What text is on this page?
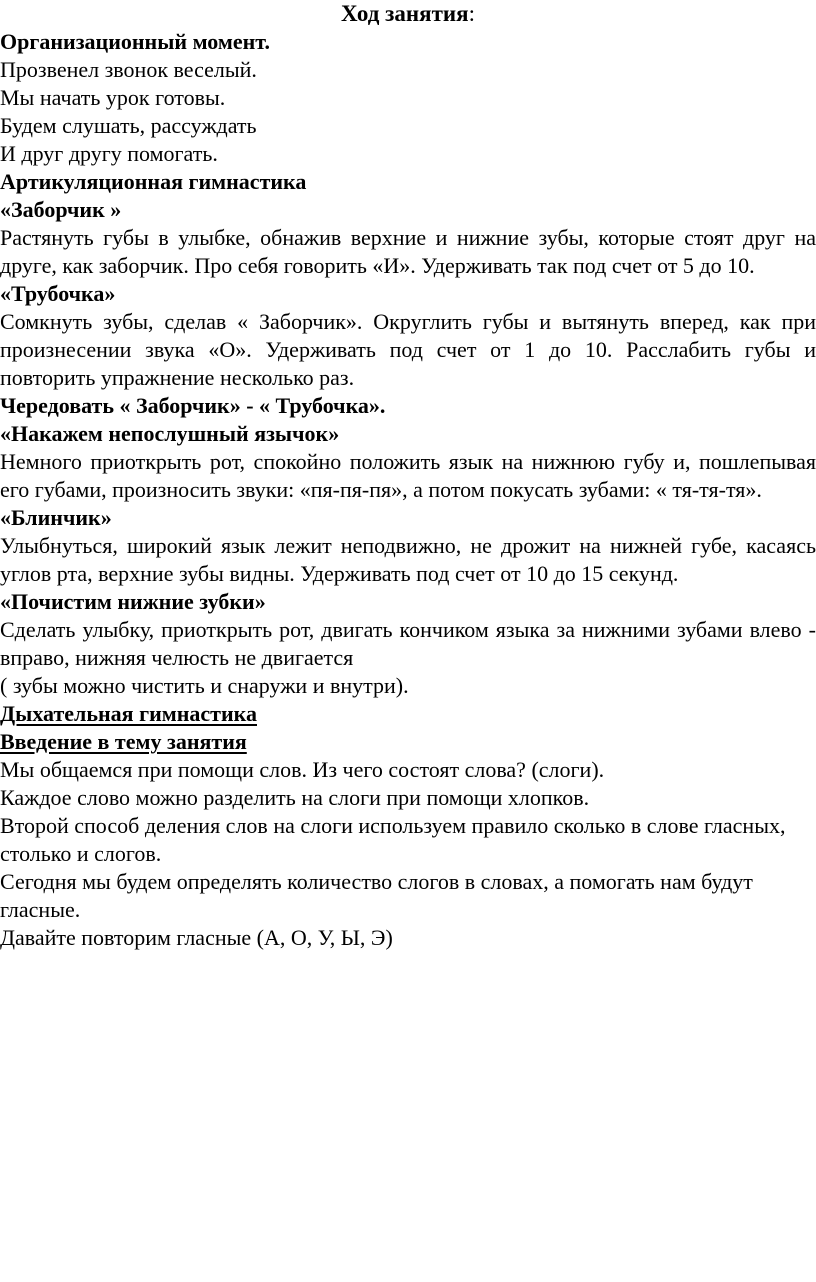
Ход занятия:

Организационный момент.

Прозвенел звонок веселый.

Мы начать урок готовы.

Будем слушать, рассуждать

И друг другу помогать.

Артикуляционная гимнастика

«Заборчик »

Растянуть губы в улыбке, обнажив верхние и нижние зубы, которые стоят друг на друге, как заборчик. Про себя говорить «И». Удерживать так под счет от 5 до 10.

«Трубочка»

Сомкнуть зубы, сделав « Заборчик». Округлить губы и вытянуть вперед, как при произнесении звука «О». Удерживать под счет от 1 до 10. Расслабить губы и повторить упражнение несколько раз.

Чередовать « Заборчик» - « Трубочка».

«Накажем непослушный язычок»

Немного приоткрыть рот, спокойно положить язык на нижнюю губу и, пошлепывая его губами, произносить звуки: «пя-пя-пя», а потом покусать зубами: « тя-тя-тя».

«Блинчик»

Улыбнуться, широкий язык лежит неподвижно, не дрожит на нижней губе, касаясь углов рта, верхние зубы видны. Удерживать под счет от 10 до 15 секунд.

«Почистим нижние зубки»

Сделать улыбку, приоткрыть рот, двигать кончиком языка за нижними зубами влево - вправо, нижняя челюсть не двигается

( зубы можно чистить и снаружи и внутри).

Дыхательная гимнастика

Введение в тему занятия

Мы общаемся при помощи слов. Из чего состоят слова? (слоги).

Каждое слово можно разделить на слоги при помощи хлопков.

Второй способ деления слов на слоги используем правило сколько в слове гласных, столько и слогов.

Сегодня мы будем определять количество слогов в словах, а помогать нам будут гласные.

Давайте повторим гласные (А, О, У, Ы, Э)
